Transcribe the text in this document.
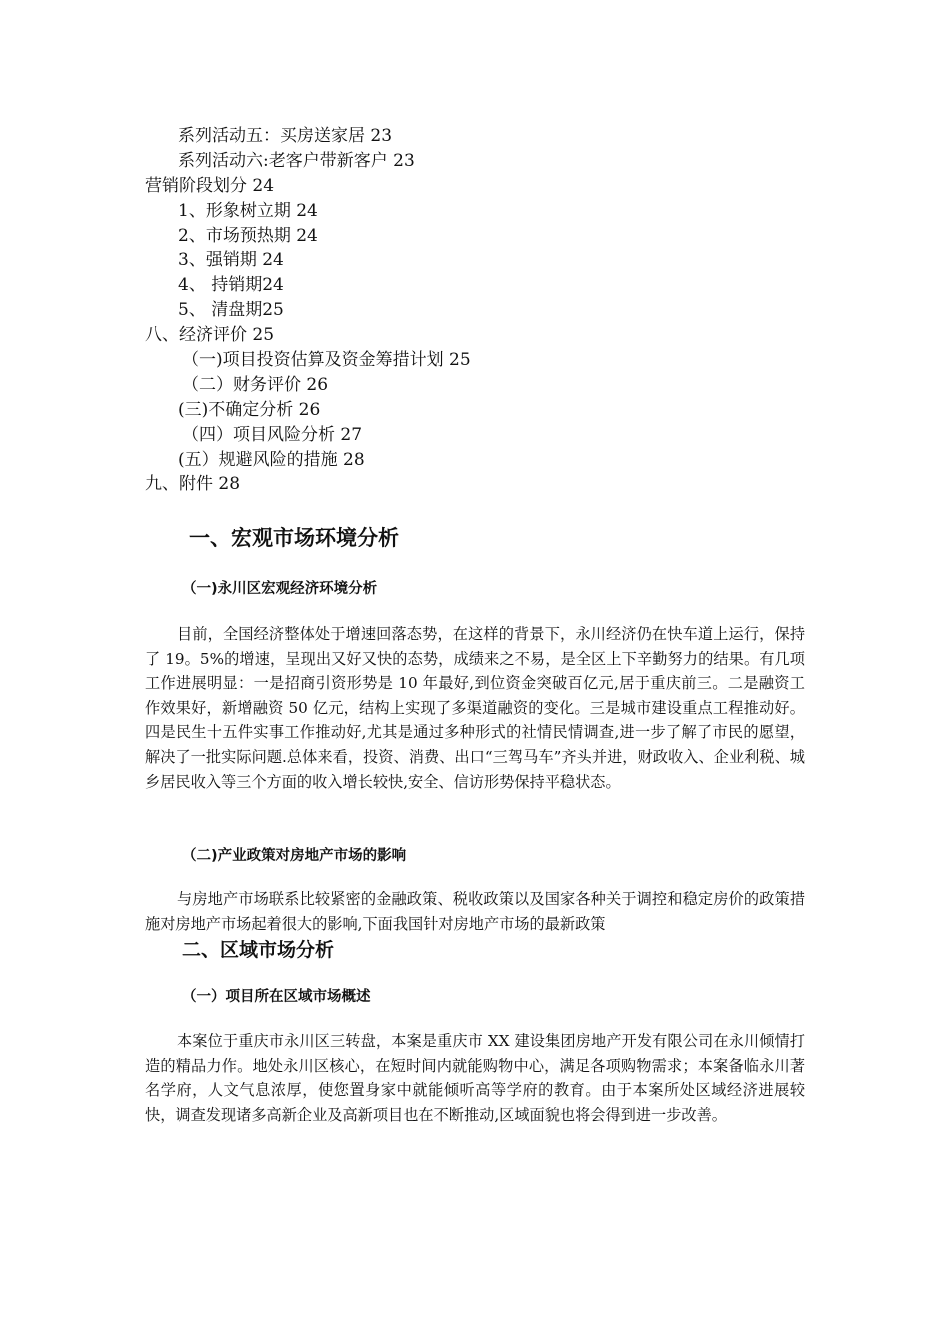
系列活动五：买房送家居 23
系列活动六:老客户带新客户 23
营销阶段划分 24
1、形象树立期 24
2、市场预热期 24
3、强销期 24
4、 持销期24
5、 清盘期25
八、经济评价 25
（一)项目投资估算及资金筹措计划 25
（二）财务评价 26
(三)不确定分析 26
（四）项目风险分析 27
(五）规避风险的措施 28
九、附件 28
一、宏观市场环境分析
（一)永川区宏观经济环境分析
目前，全国经济整体处于增速回落态势，在这样的背景下，永川经济仍在快车道上运行，保持了 19。5%的增速，呈现出又好又快的态势，成绩来之不易，是全区上下辛勤努力的结果。有几项工作进展明显：一是招商引资形势是 10 年最好,到位资金突破百亿元,居于重庆前三。二是融资工作效果好，新增融资 50 亿元，结构上实现了多渠道融资的变化。三是城市建设重点工程推动好。四是民生十五件实事工作推动好,尤其是通过多种形式的社情民情调查,进一步了解了市民的愿望，解决了一批实际问题.总体来看，投资、消费、出口“三驾马车”齐头并进，财政收入、企业利税、城乡居民收入等三个方面的收入增长较快,安全、信访形势保持平稳状态。
（二)产业政策对房地产市场的影响
与房地产市场联系比较紧密的金融政策、税收政策以及国家各种关于调控和稳定房价的政策措施对房地产市场起着很大的影响,下面我国针对房地产市场的最新政策
二、区域市场分析
（一）项目所在区域市场概述
本案位于重庆市永川区三转盘，本案是重庆市 XX 建设集团房地产开发有限公司在永川倾情打造的精品力作。地处永川区核心，在短时间内就能购物中心，满足各项购物需求；本案备临永川著名学府，人文气息浓厚，使您置身家中就能倾听高等学府的教育。由于本案所处区域经济进展较快，调查发现诸多高新企业及高新项目也在不断推动,区域面貌也将会得到进一步改善。
